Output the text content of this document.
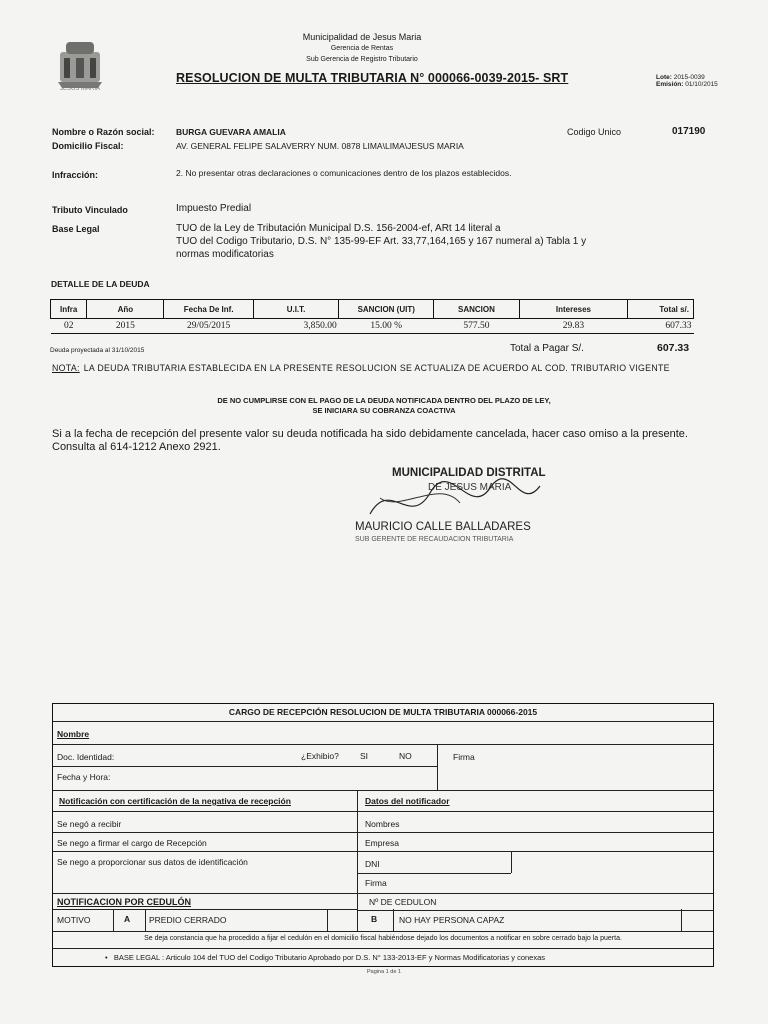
JESUS MARIA
Municipalidad de Jesus Maria
Gerencia de Rentas
Sub Gerencia de Registro Tributario
RESOLUCION DE MULTA TRIBUTARIA N° 000066-0039-2015- SRT	Lote: 2015-0039
Emisión: 01/10/2015
Nombre o Razón social:	BURGA GUEVARA AMALIA
Domicilio Fiscal:	AV. GENERAL FELIPE SALAVERRY NUM. 0878 LIMA\LIMA\JESUS MARIA
Codigo Unico	017190
Infracción:	2. No presentar otras declaraciones o comunicaciones dentro de los plazos establecidos.
Tributo Vinculado	Impuesto Predial
Base Legal	TUO de la Ley de Tributación Municipal D.S. 156-2004-ef, ARt 14 literal a
TUO del Codigo Tributario, D.S. N° 135-99-EF Art. 33,77,164,165 y 167 numeral a) Tabla 1 y
normas modificatorias
DETALLE DE LA DEUDA
Infra	Año	Fecha De Inf.	U.I.T.	SANCION (UIT)	SANCION	Intereses	Total s/.
02	2015	29/05/2015	3,850.00	15.00 %	577.50	29.83	607.33
Deuda proyectada al 31/10/2015	Total a Pagar S/.	607.33
NOTA: LA DEUDA TRIBUTARIA ESTABLECIDA EN LA PRESENTE RESOLUCION SE ACTUALIZA DE ACUERDO AL COD. TRIBUTARIO VIGENTE
DE NO CUMPLIRSE CON EL PAGO DE LA DEUDA NOTIFICADA DENTRO DEL PLAZO DE LEY,
SE INICIARA SU COBRANZA COACTIVA
Si a la fecha de recepción del presente valor su deuda notificada ha sido debidamente cancelada, hacer caso omiso a la presente.
Consulta al 614-1212 Anexo 2921.
MUNICIPALIDAD DISTRITAL
DE JESUS MARIA
MAURICIO CALLE BALLADARES
SUB GERENTE DE RECAUDACION TRIBUTARIA
CARGO DE RECEPCIÓN RESOLUCION DE MULTA TRIBUTARIA 000066-2015
Nombre
Doc. Identidad:	¿Exhibio? SI	NO	Firma
Fecha y Hora:
Notificación con certificación de la negativa de recepción	Datos del notificador
Se negó a recibir	Nombres
Se nego a firmar el cargo de Recepción	Empresa
Se nego a proporcionar sus datos de identificación	DNI
Firma
NOTIFICACION POR CEDULÓN	Nº DE CEDULON
MOTIVO	A PREDIO CERRADO	B	NO HAY PERSONA CAPAZ
Se deja constancia que ha procedido a fijar el cedulón en el domicilio fiscal habiéndose dejado los documentos a notificar en sobre cerrado bajo la puerta.
•   BASE LEGAL : Articulo 104 del TUO del Codigo Tributario Aprobado por D.S. N° 133-2013-EF y Normas Modificatorias y conexas
Pagina 1 de 1
